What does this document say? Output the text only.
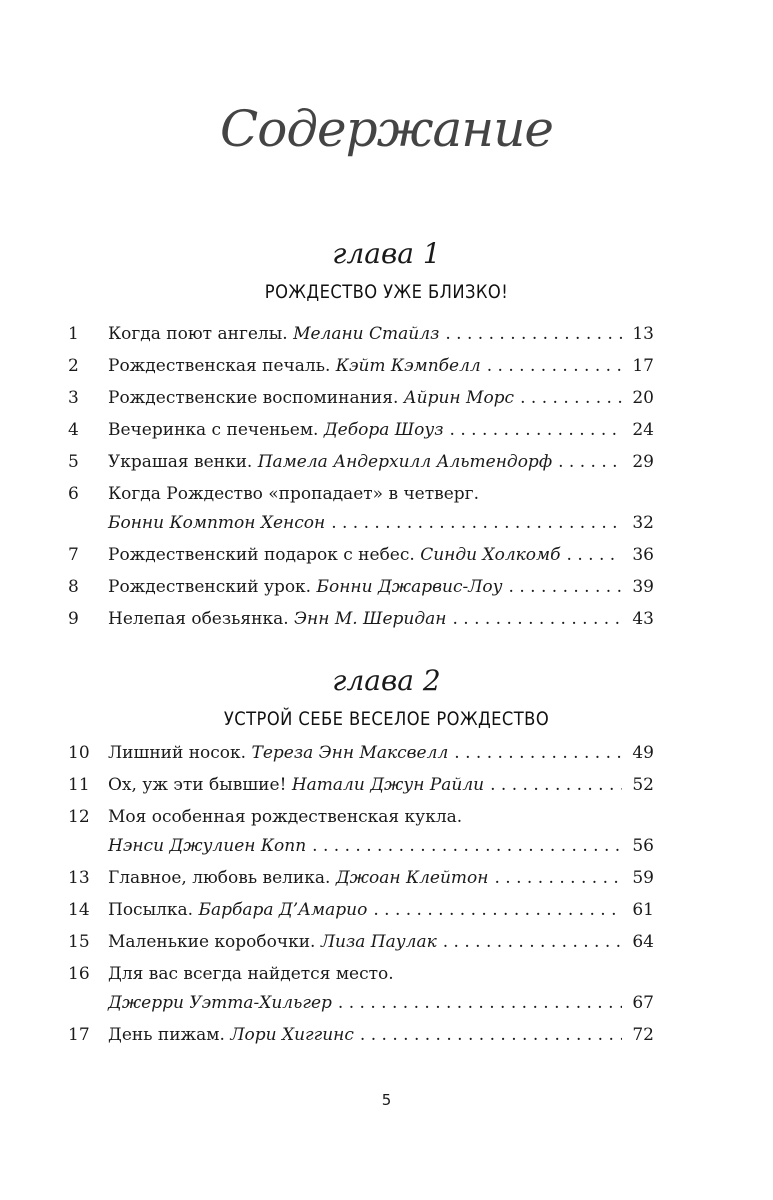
Содержание
глава 1
РОЖДЕСТВО УЖЕ БЛИЗКО!
1	Когда поют ангелы.
Мелани Стайлз . . .	13
2	Рождественская печаль.
Кэйт Кэмпбелл . . .	17
3	Рождественские воспоминания.
Айрин Морс . . .	20
4	Вечеринка с печеньем.
Дебора Шоуз . . .	24
5	Украшая венки.
Памела Андерхилл Альтендорф . . .	29
6	Когда Рождество «пропадает» в четверг.
Бонни Комптон Хенсон . . .	32
7	Рождественский подарок с небес.
Синди Холкомб . . .	36
8	Рождественский урок.
Бонни Джарвис-Лоу . . .	39
9	Нелепая обезьянка.
Энн М. Шеридан . . .	43
глава 2
УСТРОЙ СЕБЕ ВЕСЕЛОЕ РОЖДЕСТВО
10	Лишний носок.
Тереза Энн Максвелл . . .	49
11	Ох, уж эти бывшие!
Натали Джун Райли . . .	52
12	Моя особенная рождественская кукла.
Нэнси Джулиен Копп . . .	56
13	Главное, любовь велика.
Джоан Клейтон . . .	59
14	Посылка.
Барбара Д’Амарио . . .	61
15	Маленькие коробочки.
Лиза Паулак . . .	64
16	Для вас всегда найдется место.
Джерри Уэтта-Хильгер . . .	67
17	День пижам.
Лори Хиггинс . . .	72
5
